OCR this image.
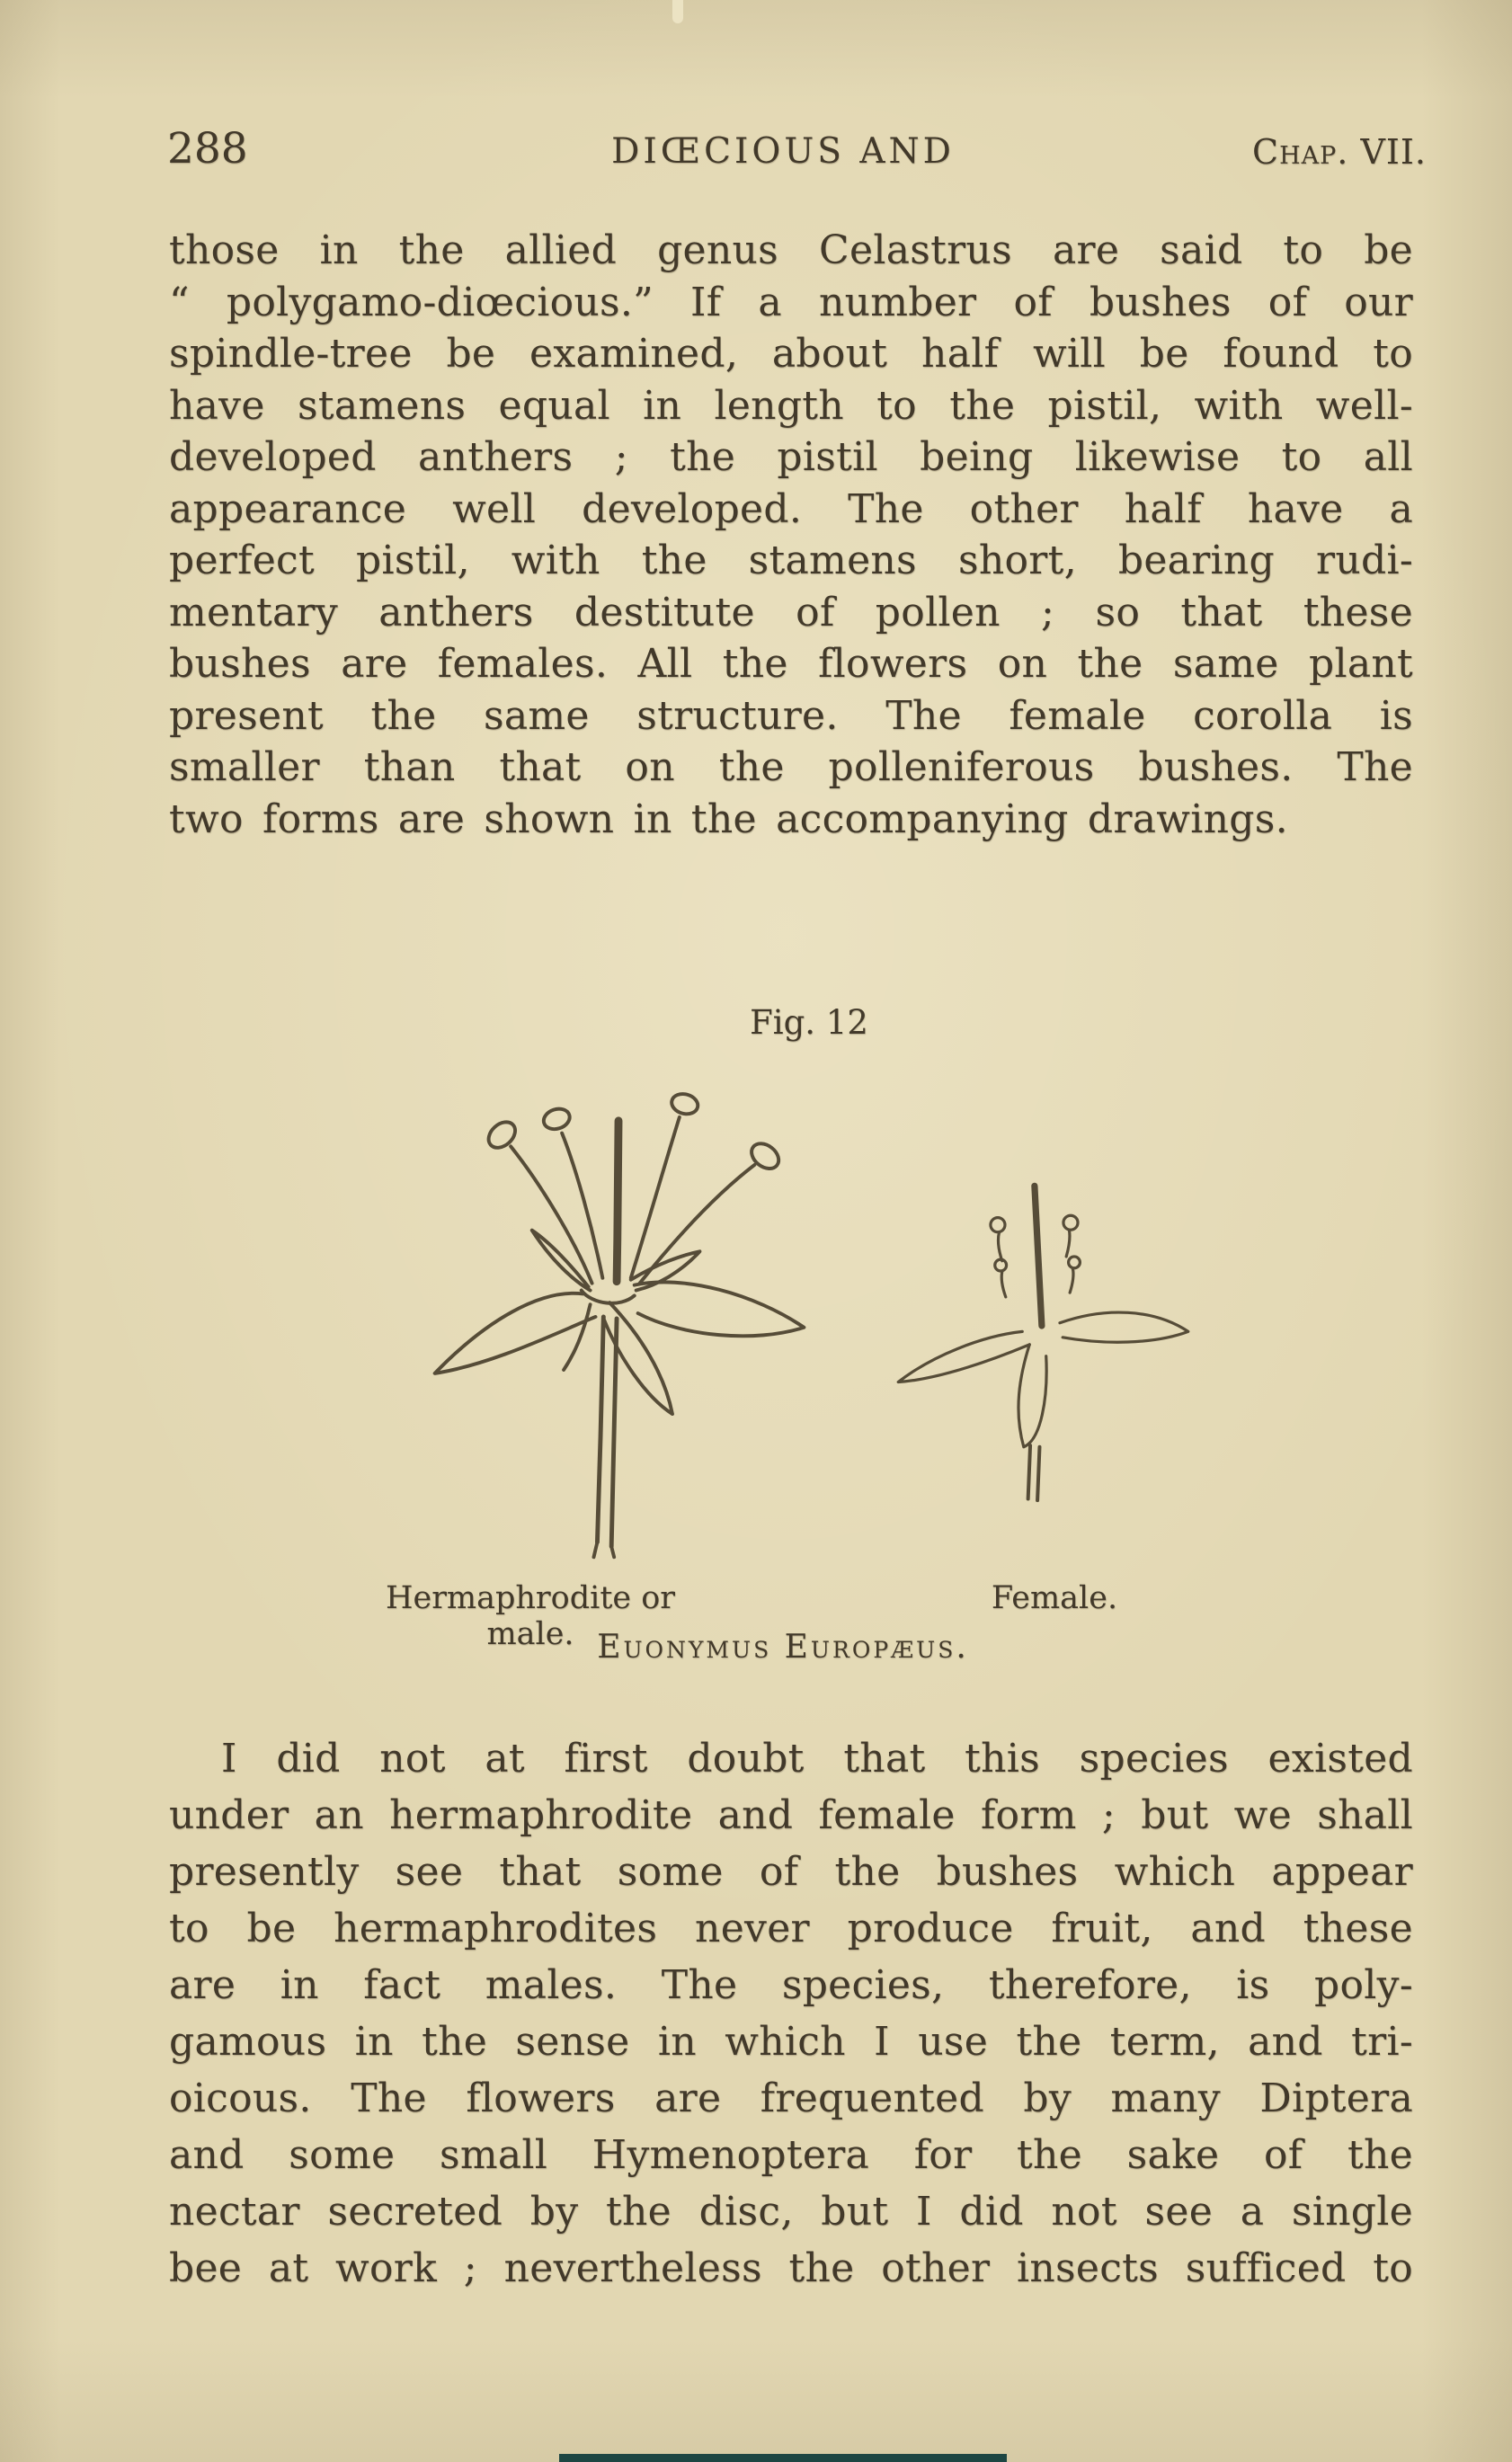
288	DIŒCIOUS AND	Chap. VII.
those in the allied genus Celastrus are said to be
“ polygamo-diœcious.” If a number of bushes of our
spindle-tree be examined, about half will be found to
have stamens equal in length to the pistil, with well-
developed anthers ; the pistil being likewise to all
appearance well developed. The other half have a
perfect pistil, with the stamens short, bearing rudi-
mentary anthers destitute of pollen ; so that these
bushes are females. All the flowers on the same plant
present the same structure. The female corolla is
smaller than that on the polleniferous bushes. The
two forms are shown in the accompanying drawings.
Fig. 12
Hermaphrodite or male.
Female.
Euonymus Europæus.
I did not at first doubt that this species existed
under an hermaphrodite and female form ; but we shall
presently see that some of the bushes which appear
to be hermaphrodites never produce fruit, and these
are in fact males. The species, therefore, is poly-
gamous in the sense in which I use the term, and tri-
oicous. The flowers are frequented by many Diptera
and some small Hymenoptera for the sake of the
nectar secreted by the disc, but I did not see a single
bee at work ; nevertheless the other insects sufficed to
